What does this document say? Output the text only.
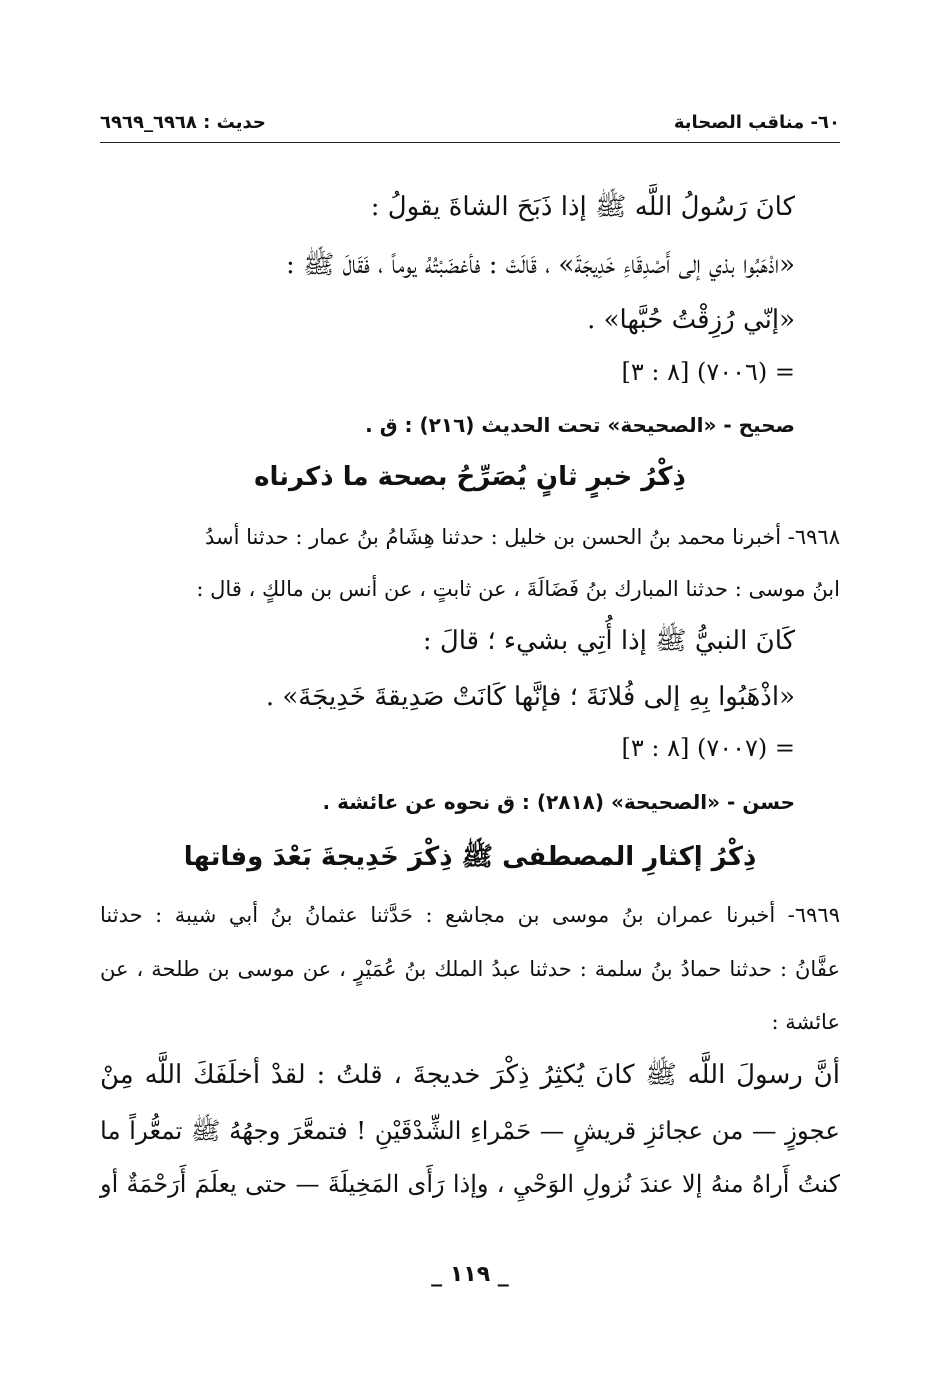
٦٠- مناقب الصحابة
حديث : ٦٩٦٨_٦٩٦٩
كانَ رَسُولُ اللَّه ﷺ إذا ذَبَحَ الشاةَ يقولُ :
«اذْهَبُوا بذي إلى أَصْدِقَاءِ خَدِيجَةَ» ، قَالَتْ : فأغضَبْتُهُ يوماً ، فَقَالَ ﷺ :
«إنّي رُزِقْتُ حُبَّها» .
= (٧٠٠٦) [٨ : ٣]
صحيح - «الصحيحة» تحت الحديث (٢١٦) : ق .
ذِكْرُ خبرٍ ثانٍ يُصَرِّحُ بصحة ما ذكرناه
٦٩٦٨- أخبرنا محمد بنُ الحسن بن خليل : حدثنا هِشَامُ بنُ عمار : حدثنا أسدُ
ابنُ موسى : حدثنا المبارك بنُ فَضَالَةَ ، عن ثابتٍ ، عن أنس بن مالكٍ ، قال :
كَانَ النبيُّ ﷺ إذا أُتِي بشيء ؛ قالَ :
«اذْهَبُوا بِهِ إلى فُلانَةَ ؛ فإنَّها كَانَتْ صَدِيقةَ خَدِيجَةَ» .
= (٧٠٠٧) [٨ : ٣]
حسن - «الصحيحة» (٢٨١٨) : ق نحوه عن عائشة .
ذِكْرُ إكثارِ المصطفى ﷺ ذِكْرَ خَدِيجةَ بَعْدَ وفاتها
٦٩٦٩- أخبرنا عمران بنُ موسى بن مجاشع : حَدَّثنا عثمانُ بنُ أبي شيبة : حدثنا
عفَّانُ : حدثنا حمادُ بنُ سلمة : حدثنا عبدُ الملك بنُ عُمَيْرٍ ، عن موسى بن طلحة ، عن
عائشة :
أنَّ رسولَ اللَّه ﷺ كانَ يُكثِرُ ذِكْرَ خديجةَ ، قلتُ : لقدْ أخلَفَكَ اللَّه مِنْ
عجوزٍ — من عجائزِ قريشٍ — حَمْراءِ الشِّدْقَيْنِ ! فتمعَّرَ وجهُهُ ﷺ تمعُّراً ما
كنتُ أَراهُ منهُ إلا عندَ نُزولِ الوَحْيِ ، وإذا رَأَى المَخِيلَةَ — حتى يعلَمَ أَرَحْمَةٌ أو
_ ١١٩ _
